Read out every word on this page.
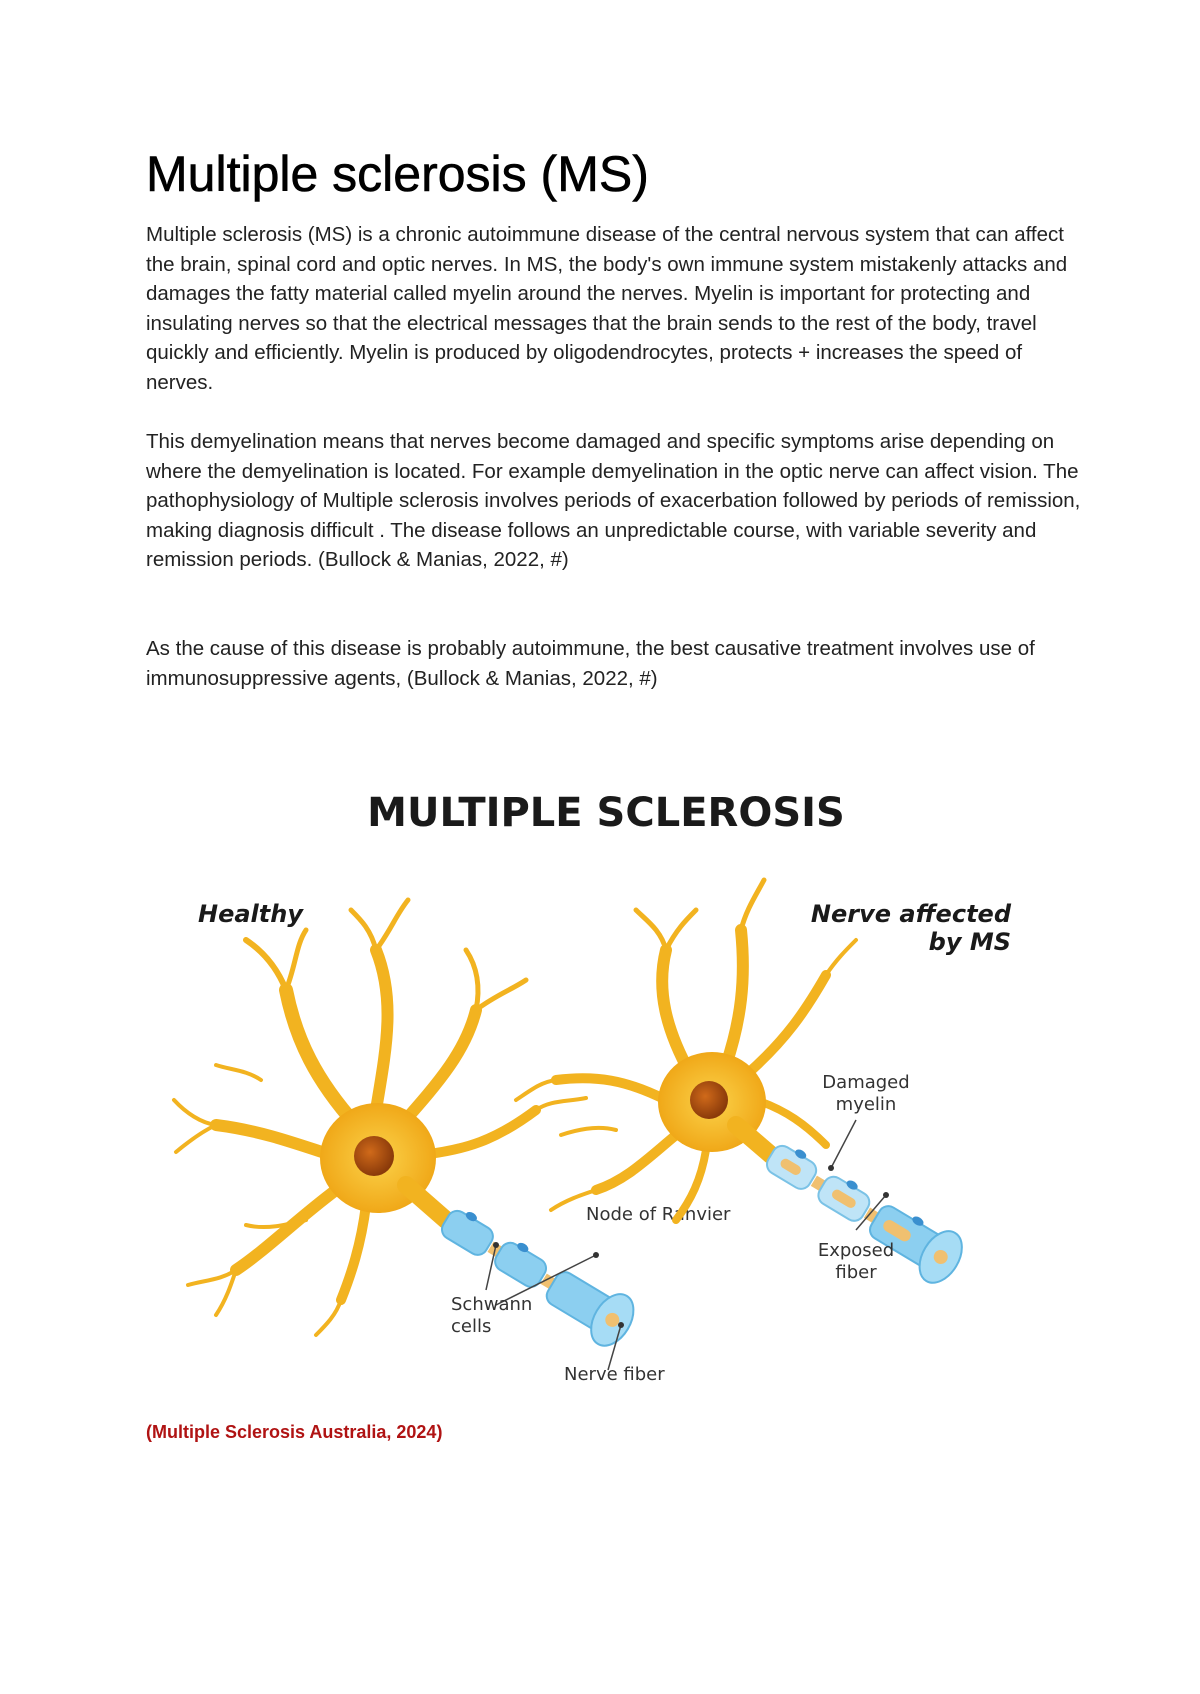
Multiple sclerosis (MS)

Multiple sclerosis (MS) is a chronic autoimmune disease of the central nervous system that can affect the brain, spinal cord and optic nerves. In MS, the body's own immune system mistakenly attacks and damages the fatty material called myelin around the nerves. Myelin is important for protecting and insulating nerves so that the electrical messages that the brain sends to the rest of the body, travel quickly and efficiently. Myelin is produced by oligodendrocytes, protects + increases the speed of nerves.

This demyelination means that nerves become damaged and specific symptoms arise depending on where the demyelination is located. For example demyelination in the optic nerve can affect vision. The pathophysiology of Multiple sclerosis involves periods of exacerbation followed by periods of remission, making diagnosis difficult . The disease follows an unpredictable course, with variable severity and remission periods. (Bullock & Manias, 2022, #)

As the cause of this disease is probably autoimmune, the best causative treatment involves use of immunosuppressive agents, (Bullock & Manias, 2022, #)

MULTIPLE SCLEROSIS
Healthy	Nerve affected
by MS
Node of Ranvier
Schwann
cells
Nerve fiber
Damaged
myelin
Exposed
fiber

(Multiple Sclerosis Australia, 2024)
